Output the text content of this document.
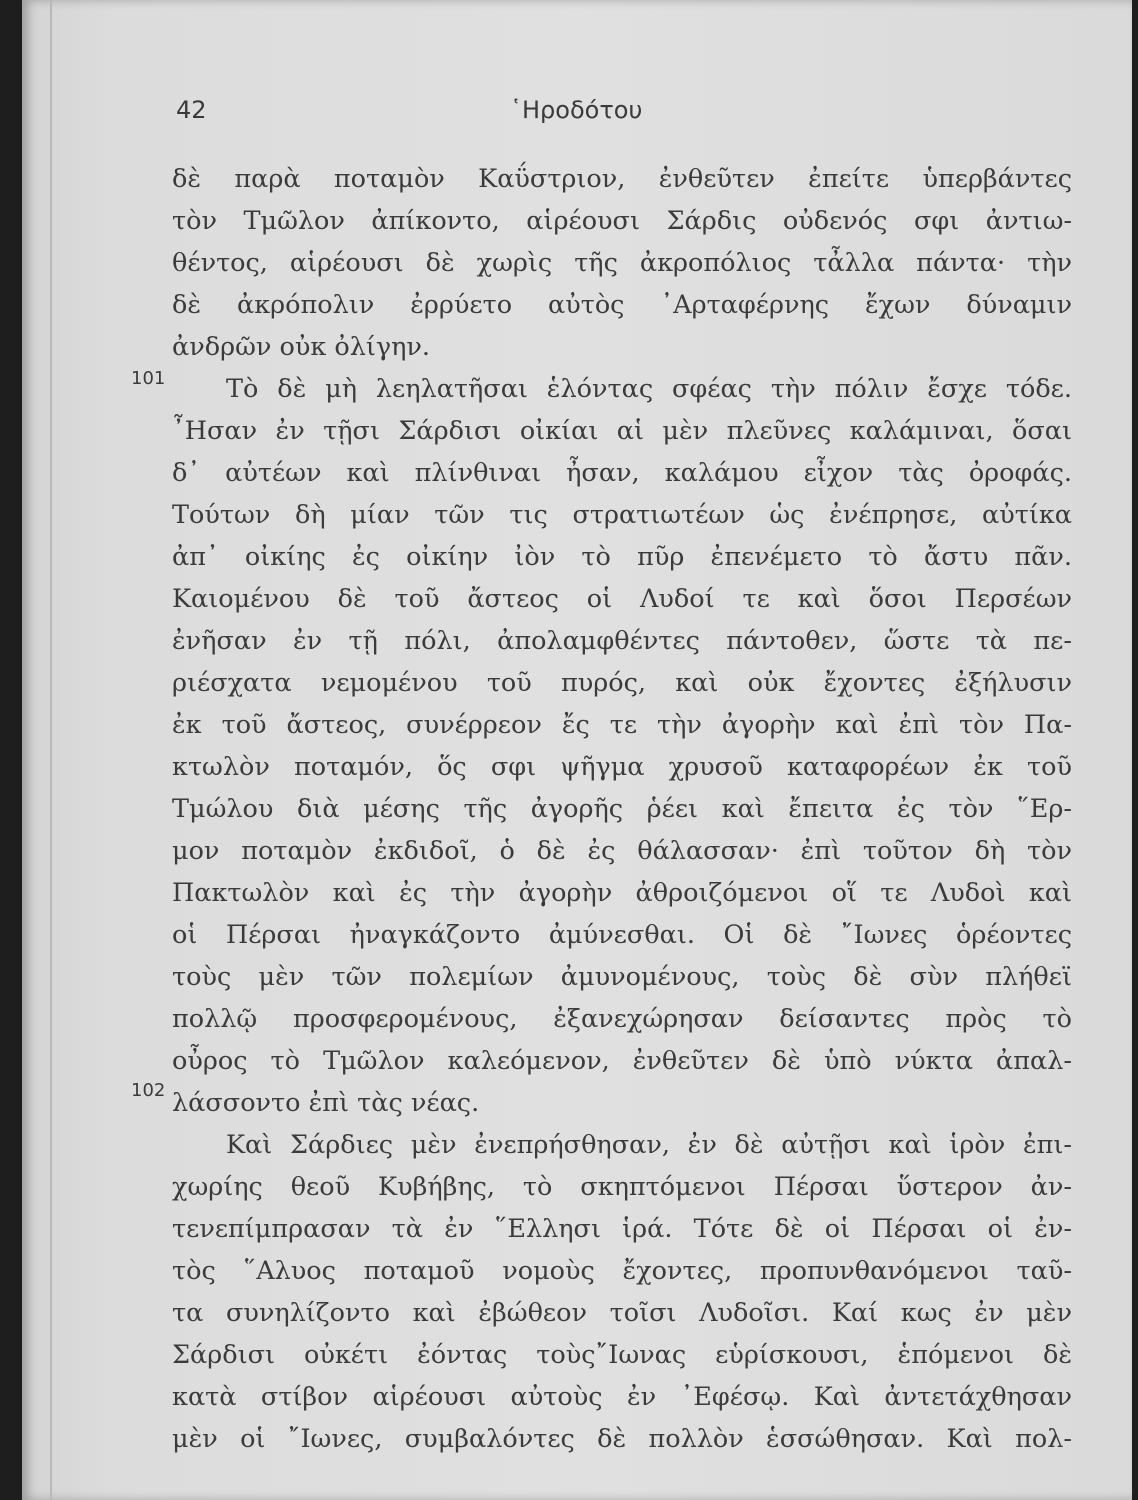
42	῾Ηροδότου
101
102
δὲ παρὰ ποταμὸν Καΰστριον, ἐνθεῦτεν ἐπείτε ὑπερβάντες
τὸν Τμῶλον ἀπίκοντο, αἱρέουσι Σάρδις οὐδενός σφι ἀντιω-
θέντος, αἱρέουσι δὲ χωρὶς τῆς ἀκροπόλιος τἆλλα πάντα· τὴν
δὲ ἀκρόπολιν ἐρρύετο αὐτὸς ᾿Αρταφέρνης ἔχων δύναμιν
ἀνδρῶν οὐκ ὀλίγην.
Τὸ δὲ μὴ λεηλατῆσαι ἑλόντας σφέας τὴν πόλιν ἔσχε τόδε.
῏Ησαν ἐν τῇσι Σάρδισι οἰκίαι αἱ μὲν πλεῦνες καλάμιναι, ὅσαι
δ᾿ αὐτέων καὶ πλίνθιναι ἦσαν, καλάμου εἶχον τὰς ὀροφάς.
Τούτων δὴ μίαν τῶν τις στρατιωτέων ὡς ἐνέπρησε, αὐτίκα
ἀπ᾿ οἰκίης ἐς οἰκίην ἰὸν τὸ πῦρ ἐπενέμετο τὸ ἄστυ πᾶν.
Καιομένου δὲ τοῦ ἄστεος οἱ Λυδοί τε καὶ ὅσοι Περσέων
ἐνῆσαν ἐν τῇ πόλι, ἀπολαμφθέντες πάντοθεν, ὥστε τὰ πε-
ριέσχατα νεμομένου τοῦ πυρός, καὶ οὐκ ἔχοντες ἐξήλυσιν
ἐκ τοῦ ἄστεος, συνέρρεον ἔς τε τὴν ἀγορὴν καὶ ἐπὶ τὸν Πα-
κτωλὸν ποταμόν, ὅς σφι ψῆγμα χρυσοῦ καταφορέων ἐκ τοῦ
Τμώλου διὰ μέσης τῆς ἀγορῆς ῥέει καὶ ἔπειτα ἐς τὸν ῞Ερ-
μον ποταμὸν ἐκδιδοῖ, ὁ δὲ ἐς θάλασσαν· ἐπὶ τοῦτον δὴ τὸν
Πακτωλὸν καὶ ἐς τὴν ἀγορὴν ἀθροιζόμενοι οἵ τε Λυδοὶ καὶ
οἱ Πέρσαι ἠναγκάζοντο ἀμύνεσθαι. Οἱ δὲ ῎Ιωνες ὁρέοντες
τοὺς μὲν τῶν πολεμίων ἀμυνομένους, τοὺς δὲ σὺν πλήθεϊ
πολλῷ προσφερομένους, ἐξανεχώρησαν δείσαντες πρὸς τὸ
οὖρος τὸ Τμῶλον καλεόμενον, ἐνθεῦτεν δὲ ὑπὸ νύκτα ἀπαλ-
λάσσοντο ἐπὶ τὰς νέας.
Καὶ Σάρδιες μὲν ἐνεπρήσθησαν, ἐν δὲ αὐτῇσι καὶ ἱρὸν ἐπι-
χωρίης θεοῦ Κυβήβης, τὸ σκηπτόμενοι Πέρσαι ὕστερον ἀν-
τενεπίμπρασαν τὰ ἐν ῞Ελλησι ἱρά. Τότε δὲ οἱ Πέρσαι οἱ ἐν-
τὸς ῞Αλυος ποταμοῦ νομοὺς ἔχοντες, προπυνθανόμενοι ταῦ-
τα συνηλίζοντο καὶ ἐβώθεον τοῖσι Λυδοῖσι. Καί κως ἐν μὲν
Σάρδισι οὐκέτι ἐόντας τοὺς῎Ιωνας εὑρίσκουσι, ἑπόμενοι δὲ
κατὰ στίβον αἱρέουσι αὐτοὺς ἐν ᾿Εφέσῳ. Καὶ ἀντετάχθησαν
μὲν οἱ ῎Ιωνες, συμβαλόντες δὲ πολλὸν ἑσσώθησαν. Καὶ πολ-
